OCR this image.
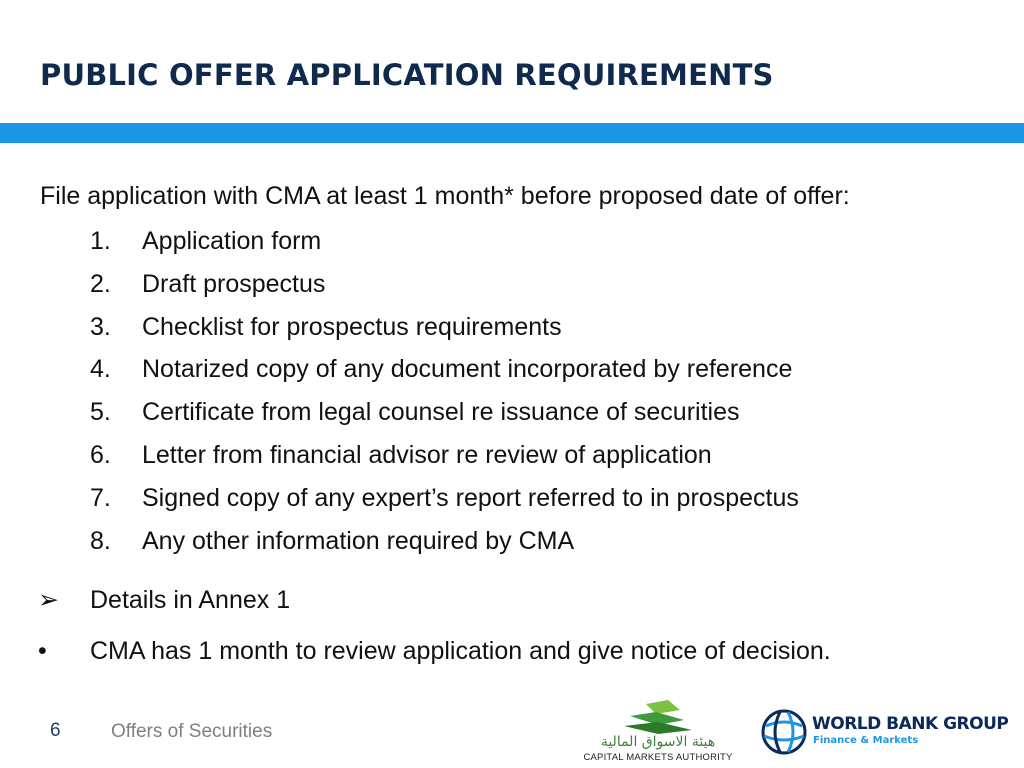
PUBLIC OFFER APPLICATION REQUIREMENTS
File application with CMA at least 1 month* before proposed date of offer:
1. Application form
2. Draft prospectus
3. Checklist for prospectus requirements
4. Notarized copy of any document incorporated by reference
5. Certificate from legal counsel re issuance of securities
6. Letter from financial advisor re review of application
7. Signed copy of any expert’s report referred to in prospectus
8. Any other information required by CMA
➢ Details in Annex 1
• CMA has 1 month to review application and give notice of decision.
6	Offers of Securities	هيئة الاسواق المالية
CAPITAL MARKETS AUTHORITY
WORLD BANK GROUP
Finance & Markets
